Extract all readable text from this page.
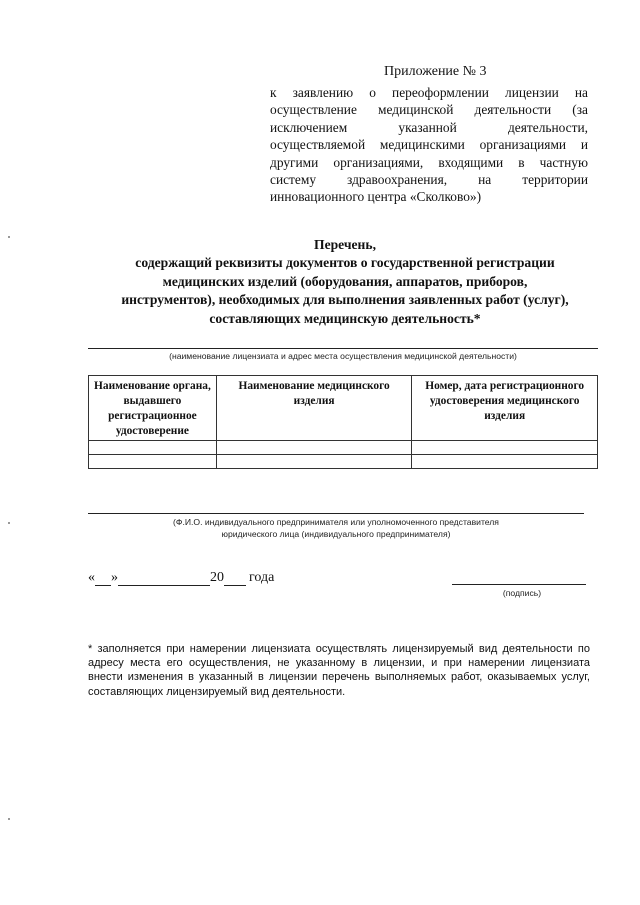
Приложение № 3
к заявлению о переоформлении лицензии на осуществление медицинской деятельности (за исключением указанной деятельности, осуществляемой медицинскими организациями и другими организациями, входящими в частную систему здравоохранения, на территории инновационного центра «Сколково»)
Перечень,
содержащий реквизиты документов о государственной регистрации
медицинских изделий (оборудования, аппаратов, приборов,
инструментов), необходимых для выполнения заявленных работ (услуг),
составляющих медицинскую деятельность*
(наименование лицензиата и адрес места осуществления медицинской деятельности)
Наименование органа, выдавшего регистрационное удостоверение	Наименование медицинского изделия	Номер, дата регистрационного удостоверения медицинского изделия

(Ф.И.О. индивидуального предпринимателя или уполномоченного представителя
юридического лица (индивидуального предпринимателя)
« »	20 года
(подпись)
* заполняется при намерении лицензиата осуществлять лицензируемый вид деятельности по адресу места его осуществления, не указанному в лицензии, и при намерении лицензиата внести изменения в указанный в лицензии перечень выполняемых работ, оказываемых услуг, составляющих лицензируемый вид деятельности.
